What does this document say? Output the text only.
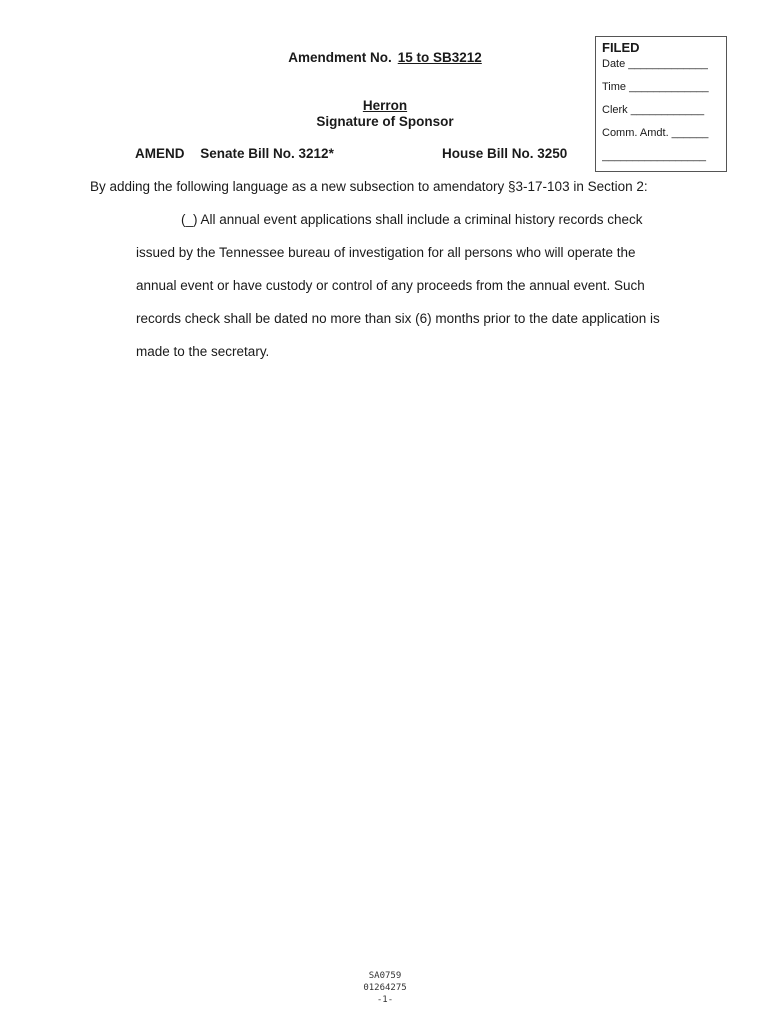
Amendment No. 15 to SB3212
Herron
Signature of Sponsor
AMEND Senate Bill No. 3212*	House Bill No. 3250
FILED
Date _____________
Time _____________
Clerk ____________
Comm. Amdt. ______
_________________
By adding the following language as a new subsection to amendatory §3-17-103 in Section 2:
(_) All annual event applications shall include a criminal history records check
issued by the Tennessee bureau of investigation for all persons who will operate the
annual event or have custody or control of any proceeds from the annual event. Such
records check shall be dated no more than six (6) months prior to the date application is
made to the secretary.
SA0759
01264275
-1-
